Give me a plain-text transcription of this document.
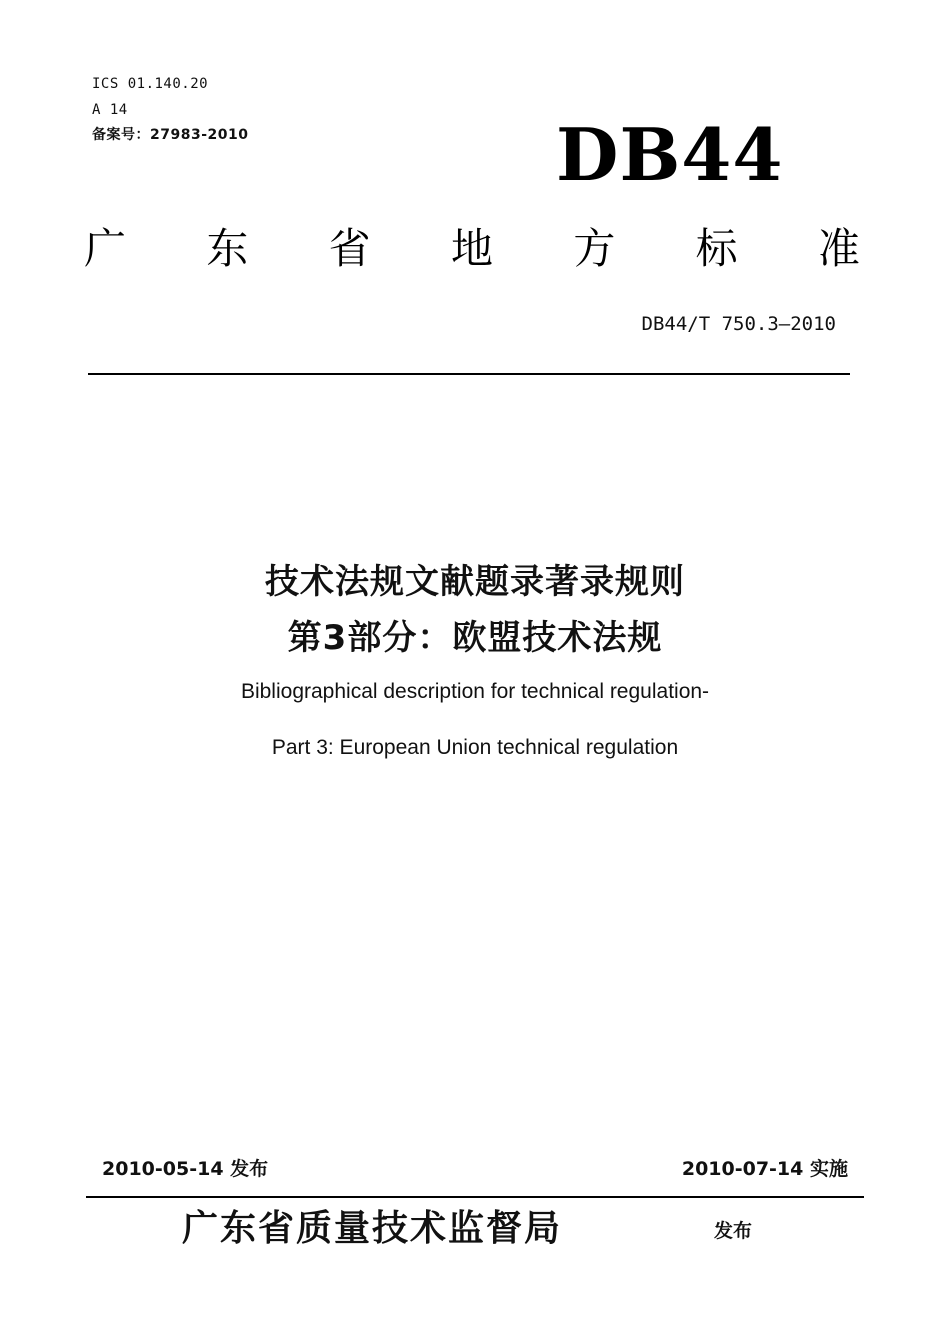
ICS 01.140.20
A 14
备案号：27983-2010	DB44
广 东 省 地 方 标 准
DB44/T 750.3—2010
技术法规文献题录著录规则
第3部分：欧盟技术法规
Bibliographical description for technical regulation-
Part 3: European Union technical regulation
2010-05-14 发布	2010-07-14 实施
广东省质量技术监督局	发布
